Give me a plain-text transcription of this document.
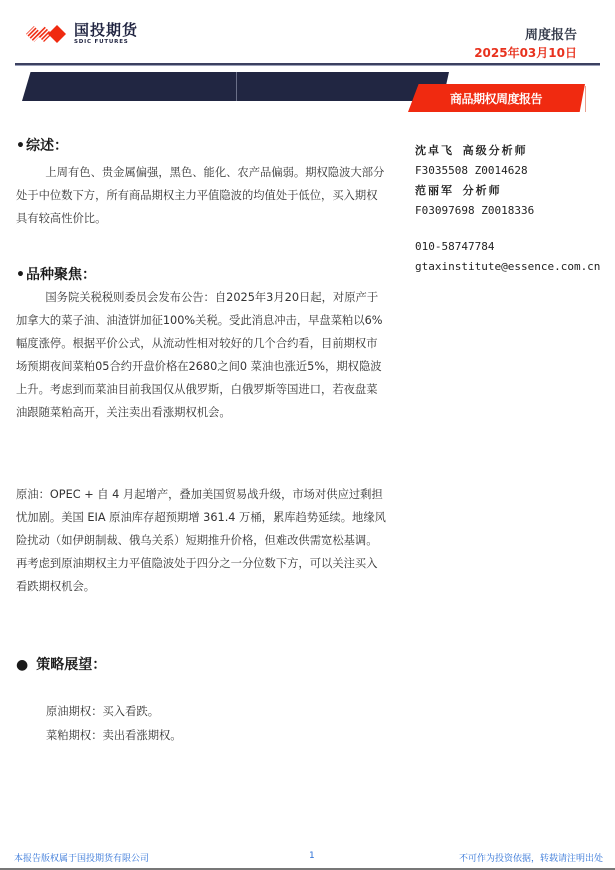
国投期货
SDIC FUTURES	周度报告
2025年03月10日
商品期权周度报告
•综述：
上周有色、贵金属偏强，黑色、能化、农产品偏弱。期权隐波大部分处于中位数下方，所有商品期权主力平值隐波的均值处于低位，买入期权具有较高性价比。
沈卓飞 高级分析师
F3035508 Z0014628
范丽军 分析师
F03097698 Z0018336
010-58747784
gtaxinstitute@essence.com.cn
•品种聚焦：
国务院关税税则委员会发布公告：自2025年3月20日起，对原产于加拿大的菜子油、油渣饼加征100%关税。受此消息冲击，早盘菜粕以6%幅度涨停。根据平价公式，从流动性相对较好的几个合约看，目前期权市场预期夜间菜粕05合约开盘价格在2680之间0 菜油也涨近5%，期权隐波上升。考虑到而菜油目前我国仅从俄罗斯，白俄罗斯等国进口，若夜盘菜油跟随菜粕高开，关注卖出看涨期权机会。
原油：OPEC + 自 4 月起增产，叠加美国贸易战升级，市场对供应过剩担忧加剧。美国 EIA 原油库存超预期增 361.4 万桶，累库趋势延续。地缘风险扰动（如伊朗制裁、俄乌关系）短期推升价格，但难改供需宽松基调。再考虑到原油期权主力平值隐波处于四分之一分位数下方，可以关注买入看跌期权机会。
● 策略展望：
原油期权：买入看跌。
菜粕期权：卖出看涨期权。
本报告版权属于国投期货有限公司	1	不可作为投资依据，转载请注明出处
